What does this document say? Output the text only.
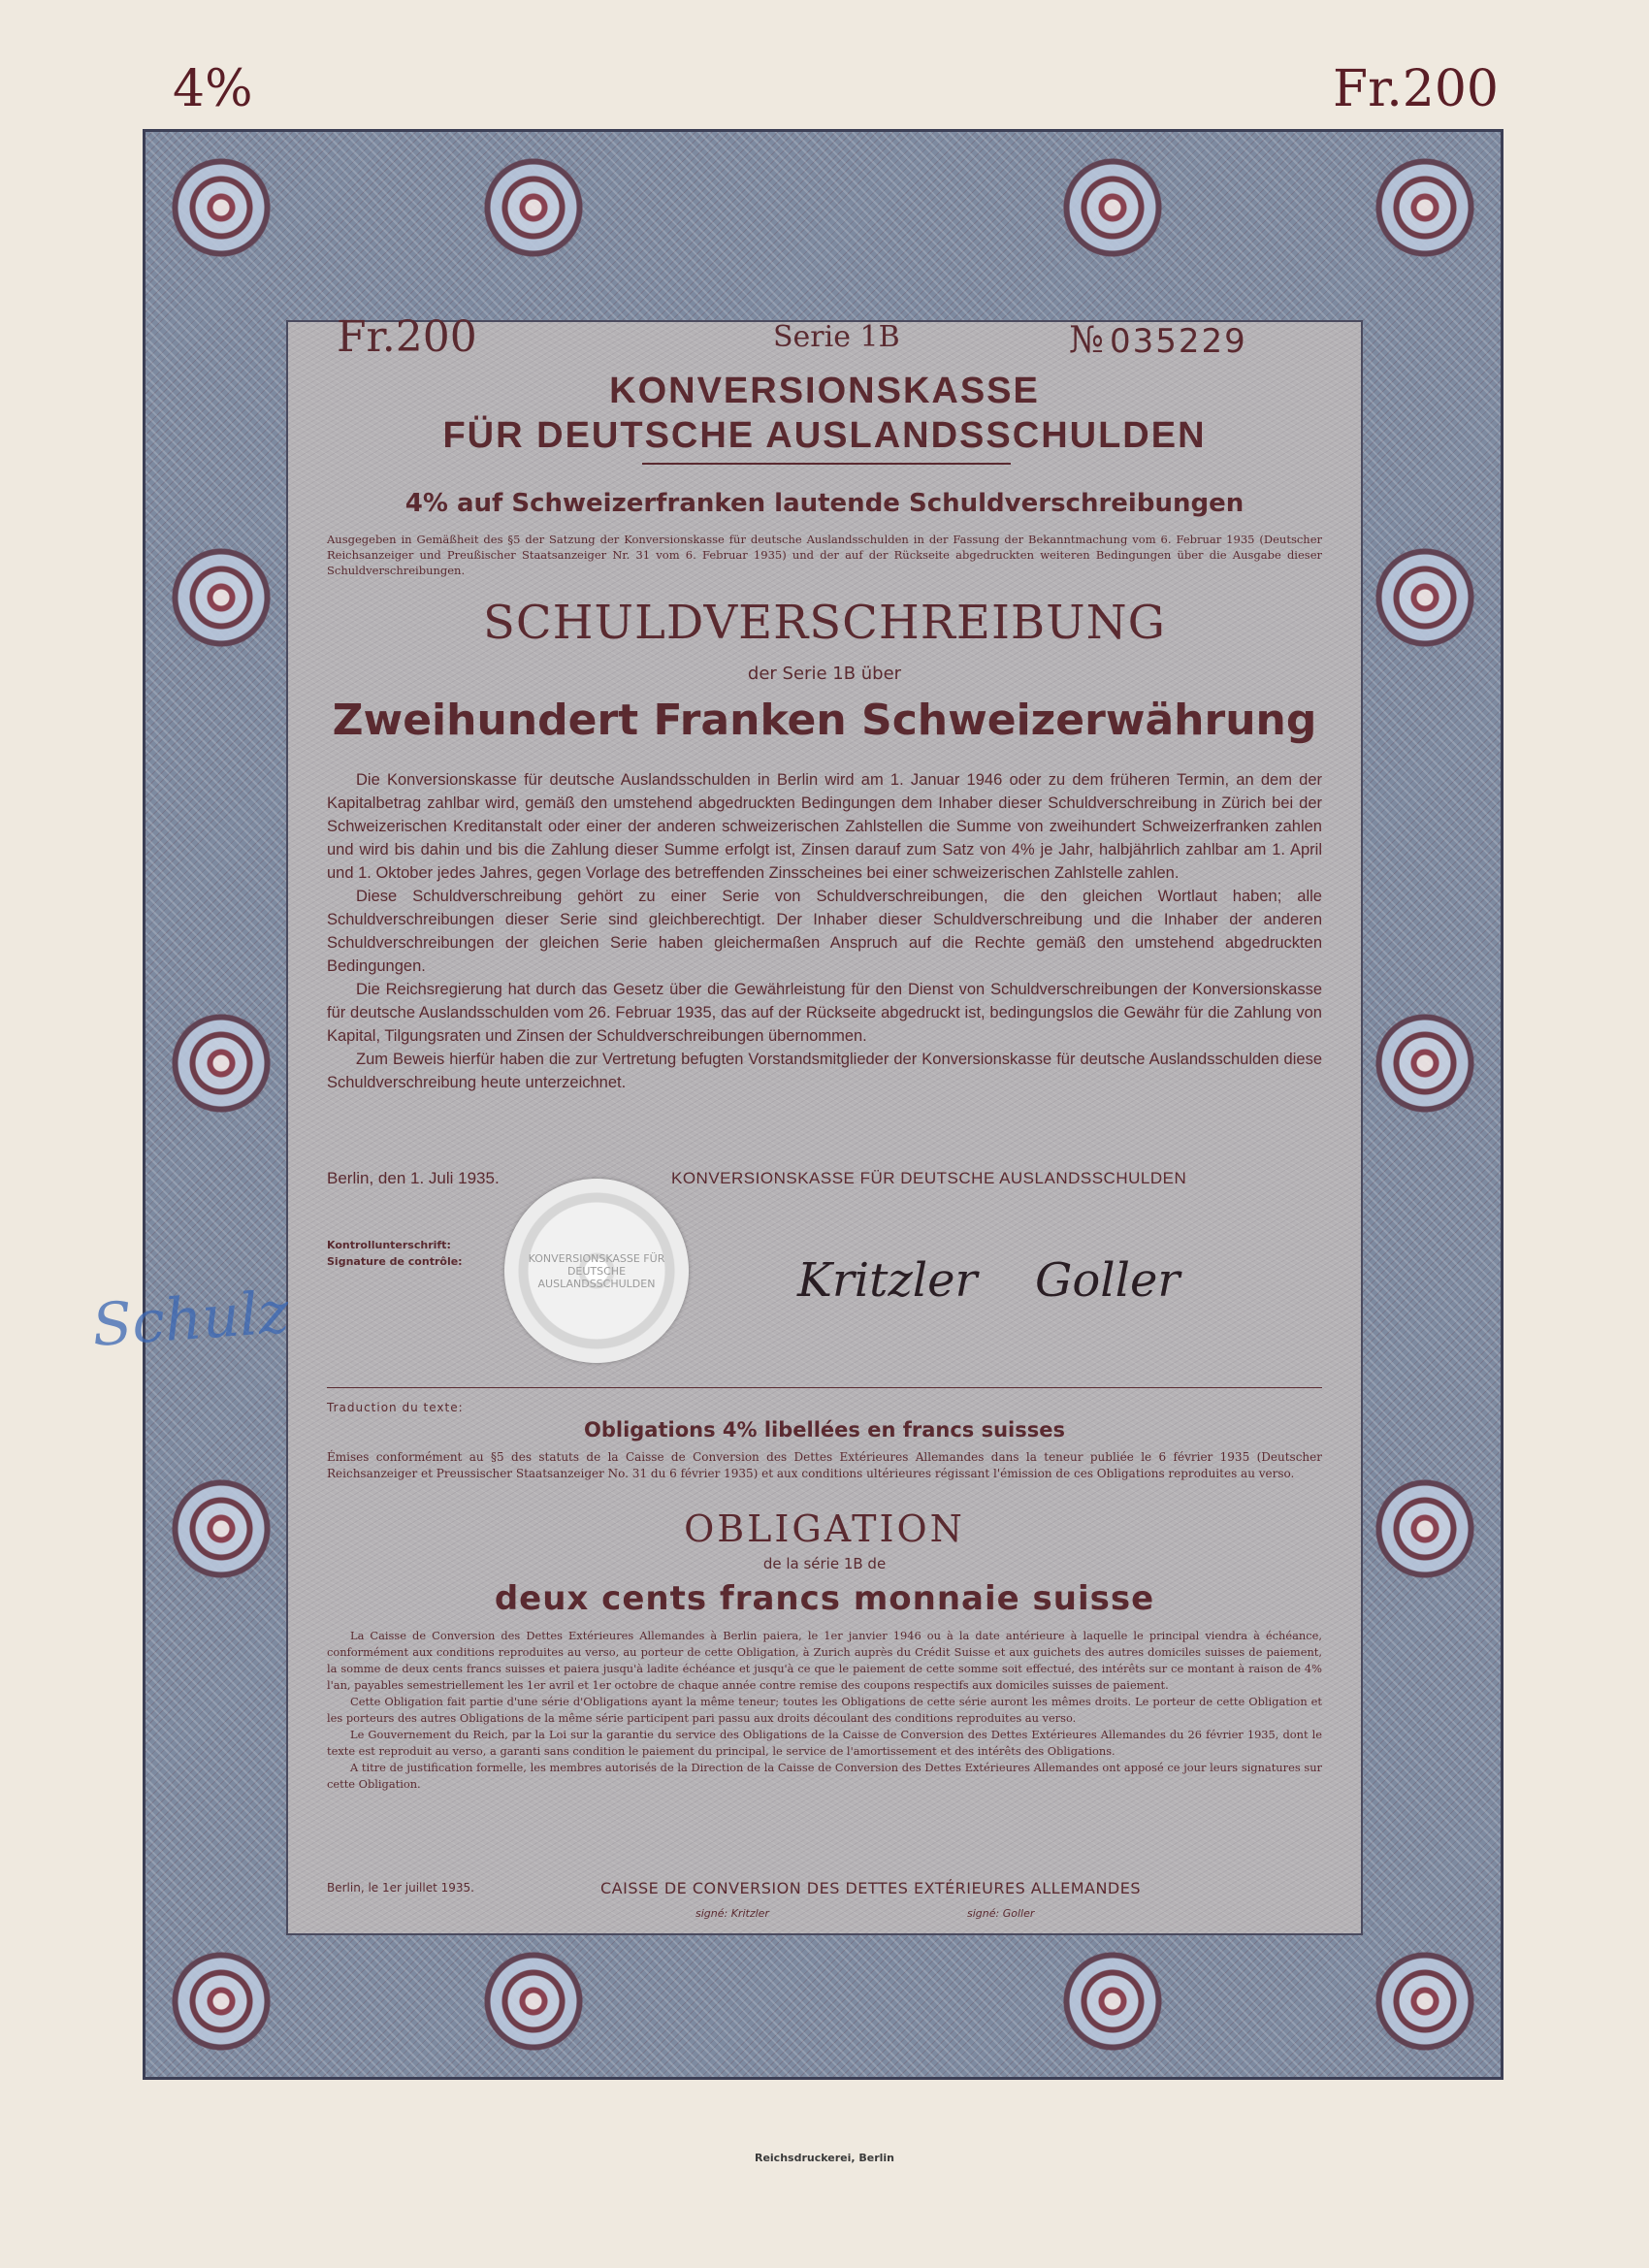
4%	Fr.200
Fr.200	Serie 1B	№ 035229
KONVERSIONSKASSE
FÜR DEUTSCHE AUSLANDSSCHULDEN
4% auf Schweizerfranken lautende Schuldverschreibungen
Ausgegeben in Gemäßheit des §5 der Satzung der Konversionskasse für deutsche Auslandsschulden in der Fassung der Bekanntmachung vom 6. Februar 1935 (Deutscher Reichsanzeiger und Preußischer Staatsanzeiger Nr. 31 vom 6. Februar 1935) und der auf der Rückseite abgedruckten weiteren Bedingungen über die Ausgabe dieser Schuldverschreibungen.
SCHULDVERSCHREIBUNG
der Serie 1B über
Zweihundert Franken Schweizerwährung

Die Konversionskasse für deutsche Auslandsschulden in Berlin wird am 1. Januar 1946 oder zu dem früheren Termin, an dem der Kapitalbetrag zahlbar wird, gemäß den umstehend abgedruckten Bedingungen dem Inhaber dieser Schuldverschreibung in Zürich bei der Schweizerischen Kreditanstalt oder einer der anderen schweizerischen Zahlstellen die Summe von zweihundert Schweizerfranken zahlen und wird bis dahin und bis die Zahlung dieser Summe erfolgt ist, Zinsen darauf zum Satz von 4% je Jahr, halbjährlich zahlbar am 1. April und 1. Oktober jedes Jahres, gegen Vorlage des betreffenden Zinsscheines bei einer schweizerischen Zahlstelle zahlen.

Diese Schuldverschreibung gehört zu einer Serie von Schuldverschreibungen, die den gleichen Wortlaut haben; alle Schuldverschreibungen dieser Serie sind gleichberechtigt. Der Inhaber dieser Schuldverschreibung und die Inhaber der anderen Schuldverschreibungen der gleichen Serie haben gleichermaßen Anspruch auf die Rechte gemäß den umstehend abgedruckten Bedingungen.

Die Reichsregierung hat durch das Gesetz über die Gewährleistung für den Dienst von Schuldverschreibungen der Konversionskasse für deutsche Auslandsschulden vom 26. Februar 1935, das auf der Rückseite abgedruckt ist, bedingungslos die Gewähr für die Zahlung von Kapital, Tilgungsraten und Zinsen der Schuldverschreibungen übernommen.

Zum Beweis hierfür haben die zur Vertretung befugten Vorstandsmitglieder der Konversionskasse für deutsche Auslandsschulden diese Schuldverschreibung heute unterzeichnet.

Berlin, den 1. Juli 1935.	KONVERSIONSKASSE FÜR DEUTSCHE AUSLANDSSCHULDEN
Kontrollunterschrift:
Signature de contrôle:	Kritzler Goller
Traduction du texte:
Obligations 4% libellées en francs suisses
Émises conformément au §5 des statuts de la Caisse de Conversion des Dettes Extérieures Allemandes dans la teneur publiée le 6 février 1935 (Deutscher Reichsanzeiger et Preussischer Staatsanzeiger No. 31 du 6 février 1935) et aux conditions ultérieures régissant l'émission de ces Obligations reproduites au verso.
OBLIGATION
de la série 1B de
deux cents francs monnaie suisse

La Caisse de Conversion des Dettes Extérieures Allemandes à Berlin paiera, le 1er janvier 1946 ou à la date antérieure à laquelle le principal viendra à échéance, conformément aux conditions reproduites au verso, au porteur de cette Obligation, à Zurich auprès du Crédit Suisse et aux guichets des autres domiciles suisses de paiement, la somme de deux cents francs suisses et paiera jusqu'à ladite échéance et jusqu'à ce que le paiement de cette somme soit effectué, des intérêts sur ce montant à raison de 4% l'an, payables semestriellement les 1er avril et 1er octobre de chaque année contre remise des coupons respectifs aux domiciles suisses de paiement.

Cette Obligation fait partie d'une série d'Obligations ayant la même teneur; toutes les Obligations de cette série auront les mêmes droits. Le porteur de cette Obligation et les porteurs des autres Obligations de la même série participent pari passu aux droits découlant des conditions reproduites au verso.

Le Gouvernement du Reich, par la Loi sur la garantie du service des Obligations de la Caisse de Conversion des Dettes Extérieures Allemandes du 26 février 1935, dont le texte est reproduit au verso, a garanti sans condition le paiement du principal, le service de l'amortissement et des intérêts des Obligations.

A titre de justification formelle, les membres autorisés de la Direction de la Caisse de Conversion des Dettes Extérieures Allemandes ont apposé ce jour leurs signatures sur cette Obligation.

Berlin, le 1er juillet 1935.	CAISSE DE CONVERSION DES DETTES EXTÉRIEURES ALLEMANDES
signé: Kritzler	signé: Goller
KONVERSIONSKASSE FÜR DEUTSCHE AUSLANDSSCHULDEN
Schulz
Reichsdruckerei, Berlin
